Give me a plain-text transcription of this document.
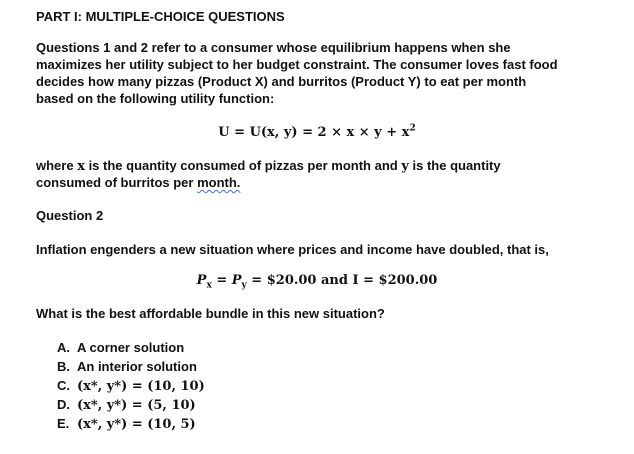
PART I: MULTIPLE-CHOICE QUESTIONS
Questions 1 and 2 refer to a consumer whose equilibrium happens when she
maximizes her utility subject to her budget constraint. The consumer loves fast food
decides how many pizzas (Product X) and burritos (Product Y) to eat per month
based on the following utility function:
U = U(x, $y) = 2 \times x \times y + x^2$
where x is the quantity consumed of pizzas per month and y is the quantity
consumed of burritos per month.
Question 2
Inflation engenders a new situation where prices and income have doubled, that is,
$P_x = P_y$ = $20.00 and I = $200.00
What is the best affordable bundle in this new situation?
A. A corner solution
B. An interior solution
C. (x*, y*) = (10, 10)
D. (x*, y*) = (5, 10)
E. (x*, y*) = (10, 5)
